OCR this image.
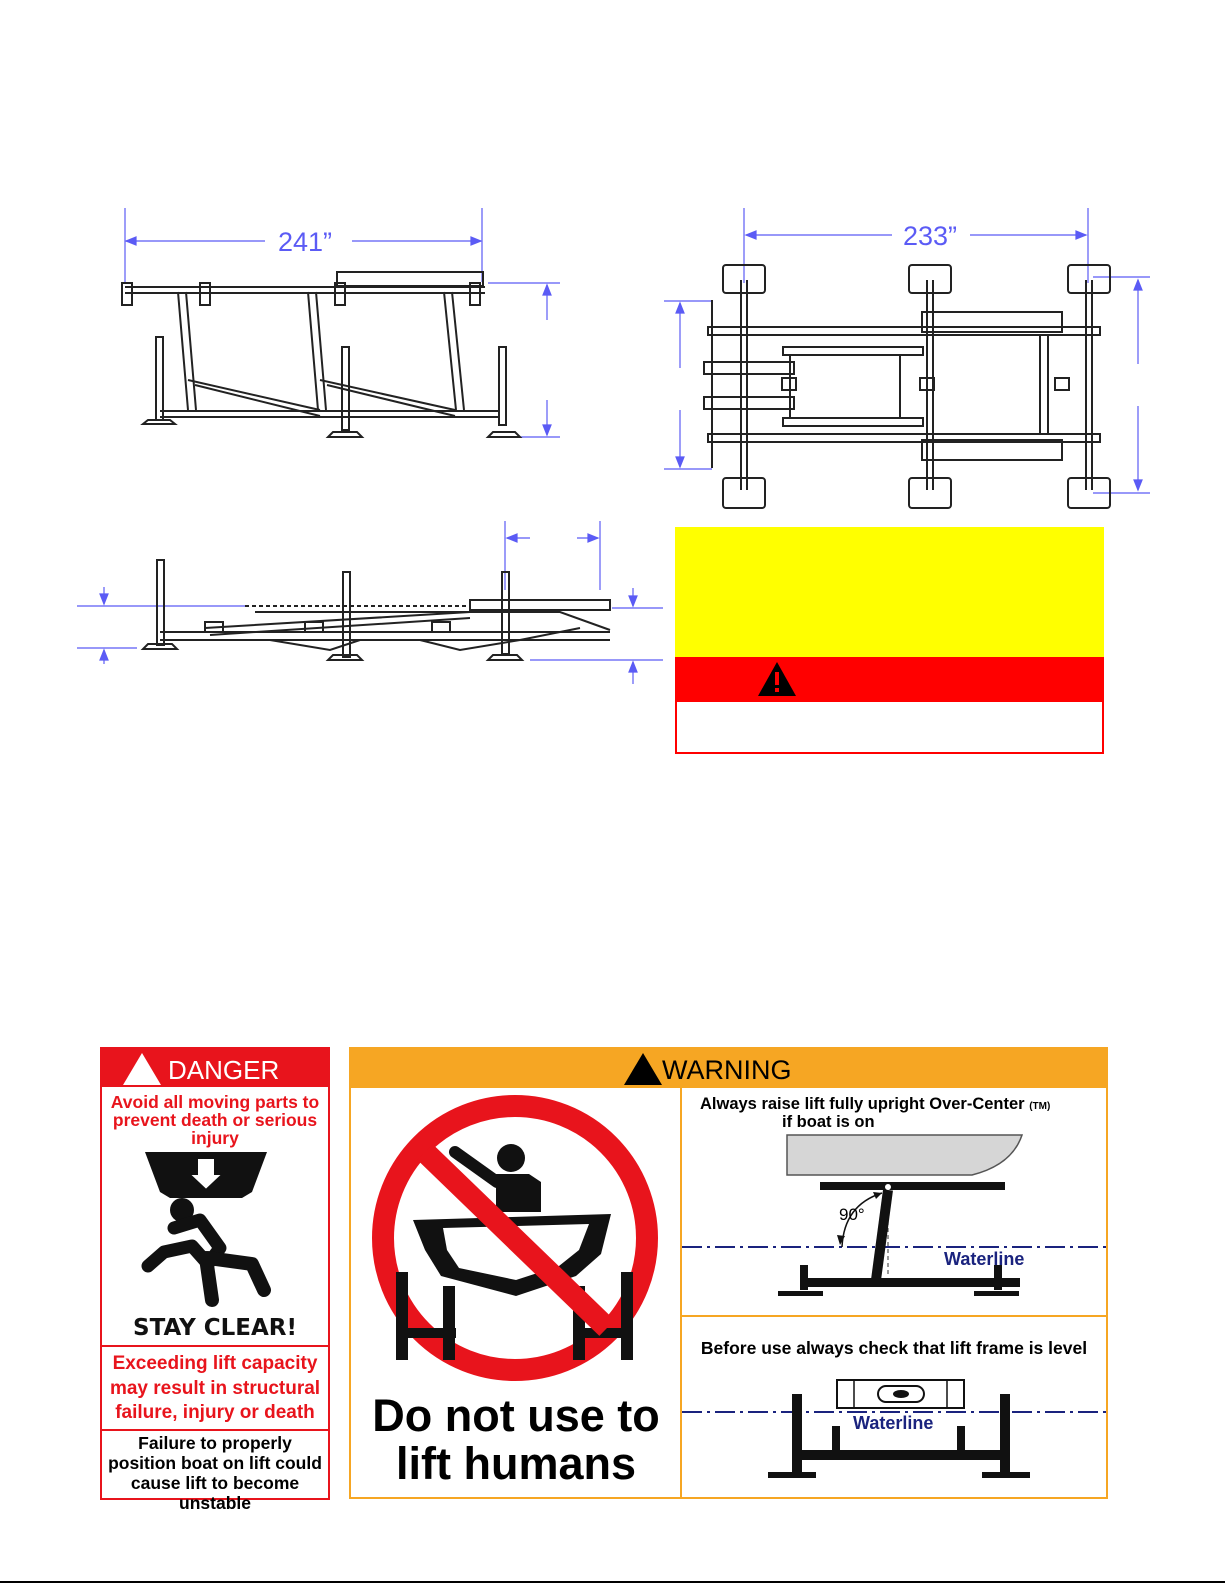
241”	233”
DANGER
Avoid all moving parts to prevent death or serious injury
STAY CLEAR!
Exceeding lift capacity may result in structural failure, injury or death
Failure to properly position boat on lift could cause lift to become unstable
WARNING
Do not use to lift humans
Always raise lift fully upright Over-Center (TM)
if boat is on
90°
Waterline
Before use always check that lift frame is level
Waterline
